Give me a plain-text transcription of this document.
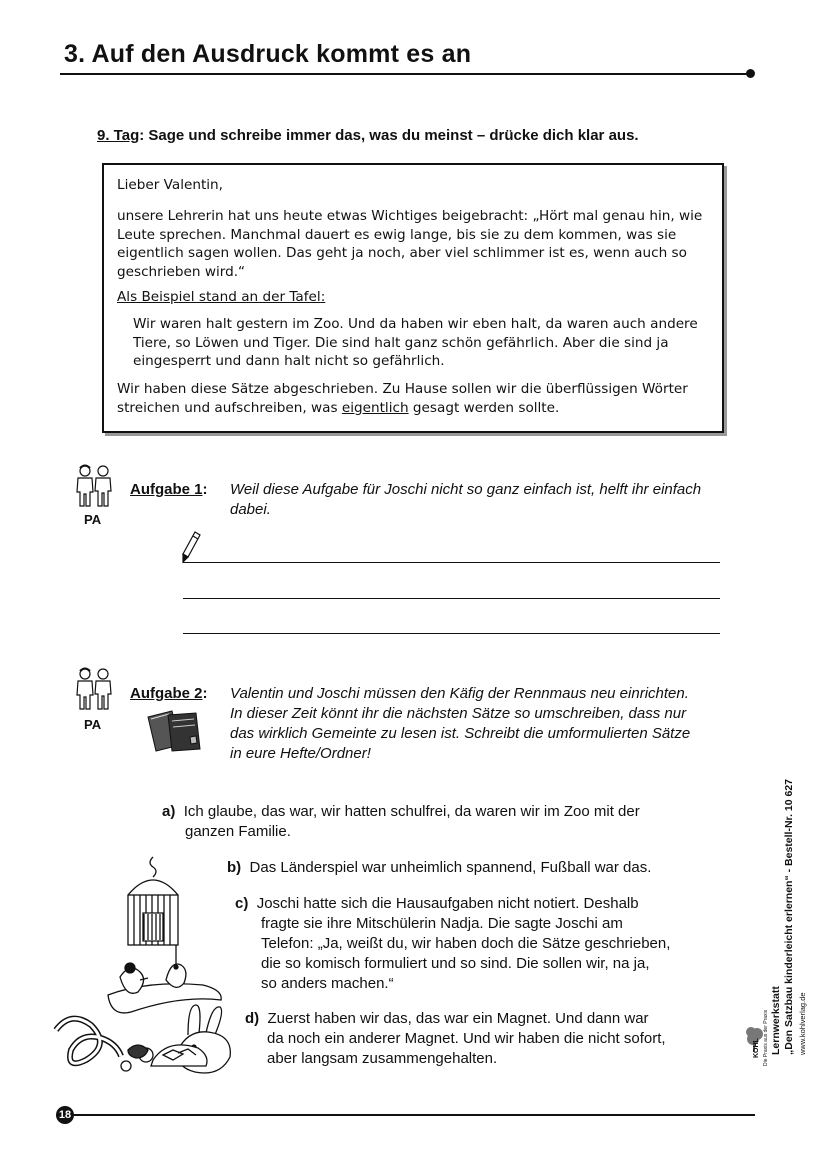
3. Auf den Ausdruck kommt es an
9. Tag: Sage und schreibe immer das, was du meinst – drücke dich klar aus.

Lieber Valentin,

unsere Lehrerin hat uns heute etwas Wichtiges beigebracht: „Hört mal genau hin, wie Leute sprechen. Manchmal dauert es ewig lange, bis sie zu dem kommen, was sie eigentlich sagen wollen. Das geht ja noch, aber viel schlimmer ist es, wenn auch so geschrieben wird.“

Als Beispiel stand an der Tafel:

Wir waren halt gestern im Zoo. Und da haben wir eben halt, da waren auch andere Tiere, so Löwen und Tiger. Die sind halt ganz schön gefährlich. Aber die sind ja eingesperrt und dann halt nicht so gefährlich.

Wir haben diese Sätze abgeschrieben. Zu Hause sollen wir die überflüssigen Wörter streichen und aufschreiben, was eigentlich gesagt werden sollte.

PA
Aufgabe 1: Weil diese Aufgabe für Joschi nicht so ganz einfach ist, helft ihr einfach dabei.
PA
Aufgabe 2: Valentin und Joschi müssen den Käfig der Rennmaus neu einrichten. In dieser Zeit könnt ihr die nächsten Sätze so umschreiben, dass nur das wirklich Gemeinte zu lesen ist. Schreibt die umformulierten Sätze in eure Hefte/Ordner!
a) Ich glaube, das war, wir hatten schulfrei, da waren wir im Zoo mit der
ganzen Familie.
b) Das Länderspiel war unheimlich spannend, Fußball war das.
c) Joschi hatte sich die Hausaufgaben nicht notiert. Deshalb
fragte sie ihre Mitschülerin Nadja. Die sagte Joschi am
Telefon: „Ja, weißt du, wir haben doch die Sätze geschrieben,
die so komisch formuliert und so sind. Die sollen wir, na ja,
so anders machen.“
d) Zuerst haben wir das, das war ein Magnet. Und dann war
da noch ein anderer Magnet. Und wir haben die nicht sofort,
aber langsam zusammengehalten.
Lernwerkstatt „Den Satzbau kinderleicht erlernen“ - Bestell-Nr. 10 627 www.kohlverlag.de
KOHL Die Praxis aus der Praxis
18
